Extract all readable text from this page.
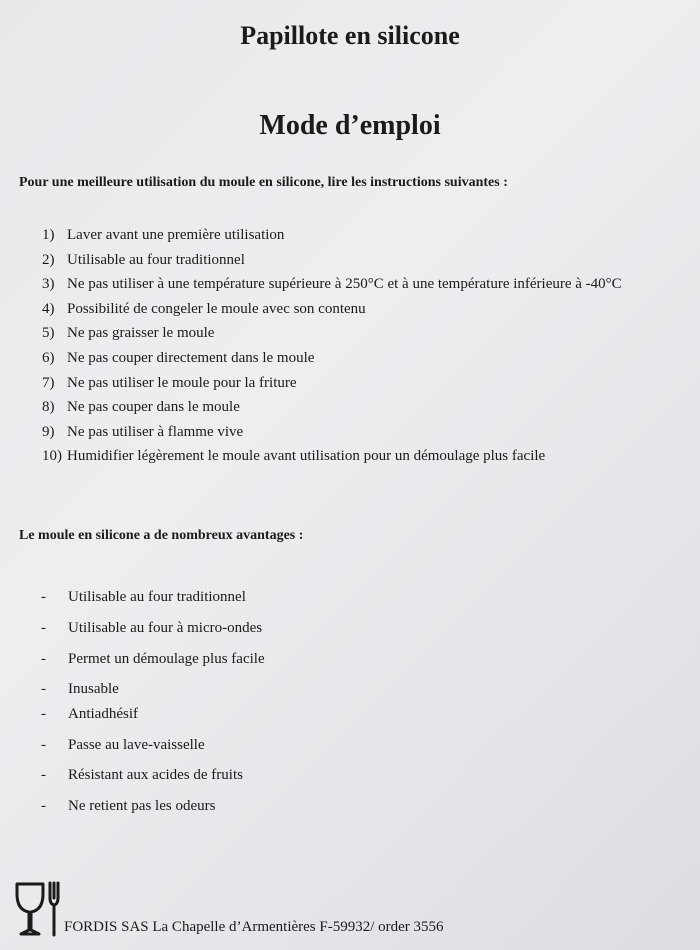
Papillote en silicone
Mode d’emploi

Pour une meilleure utilisation du moule en silicone, lire les instructions suivantes :

1) Laver avant une première utilisation
2) Utilisable au four traditionnel
3) Ne pas utiliser à une température supérieure à 250°C et à une température inférieure à -40°C
4) Possibilité de congeler le moule avec son contenu
5) Ne pas graisser le moule
6) Ne pas couper directement dans le moule
7) Ne pas utiliser le moule pour la friture
8) Ne pas couper dans le moule
9) Ne pas utiliser à flamme vive
10) Humidifier légèrement le moule avant utilisation pour un démoulage plus facile

Le moule en silicone a de nombreux avantages :

- Utilisable au four traditionnel
- Utilisable au four à micro-ondes
- Permet un démoulage plus facile
- Inusable
- Antiadhésif
- Passe au lave-vaisselle
- Résistant aux acides de fruits
- Ne retient pas les odeurs
FORDIS SAS La Chapelle d’Armentières F-59932/ order 3556
